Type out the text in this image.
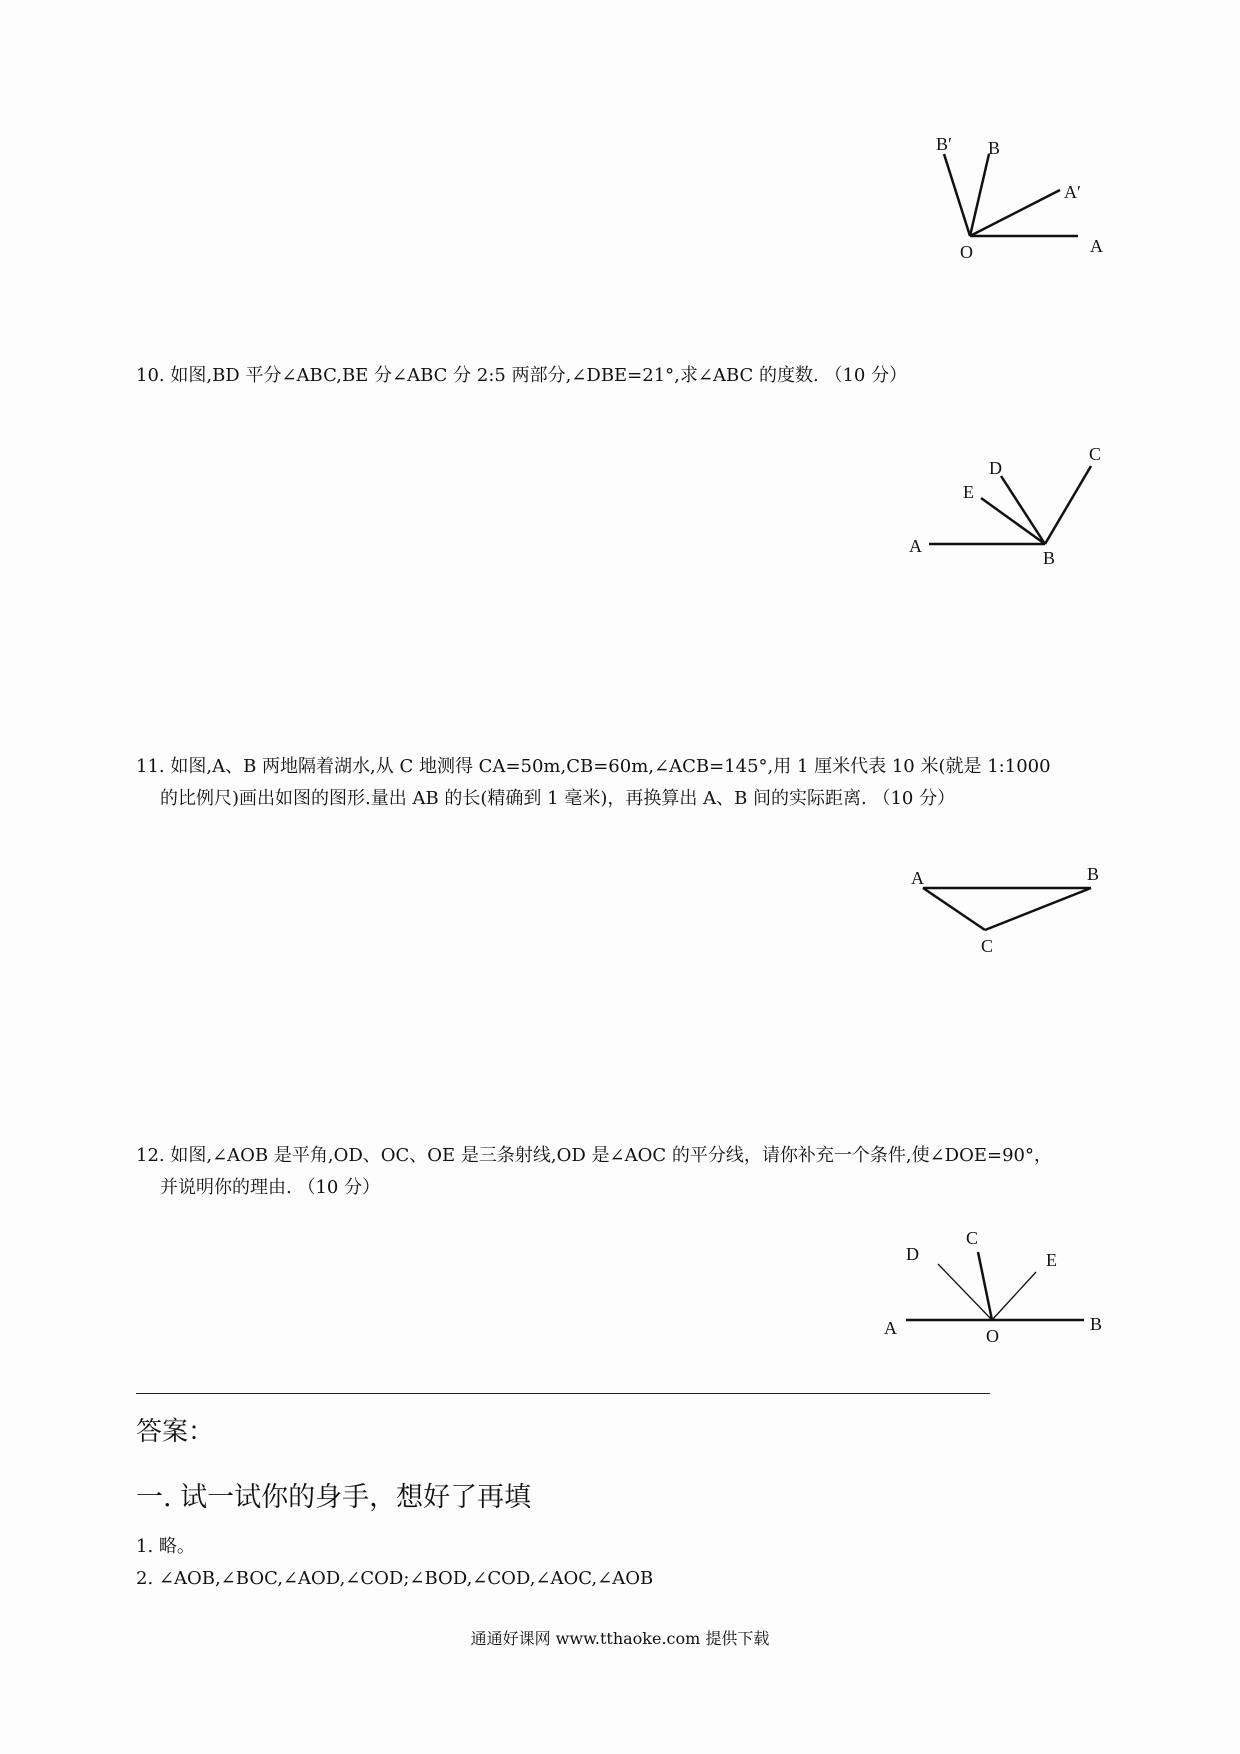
B′ B
A′
O	A
10. 如图,BD 平分∠ABC,BE 分∠ABC 分 2:5 两部分,∠DBE=21°,求∠ABC 的度数. （10 分）
D
C
E
A
B
11. 如图,A、B 两地隔着湖水,从 C 地测得 CA=50m,CB=60m,∠ACB=145°,用 1 厘米代表 10 米(就是 1:1000
的比例尺)画出如图的图形.量出 AB 的长(精确到 1 毫米)，再换算出 A、B 间的实际距离. （10 分）
A	B
C
12. 如图,∠AOB 是平角,OD、OC、OE 是三条射线,OD 是∠AOC 的平分线，请你补充一个条件,使∠DOE=90°，
并说明你的理由. （10 分）
C
D	E
A	O
B
答案：
一. 试一试你的身手，想好了再填
1. 略。
2. ∠AOB,∠BOC,∠AOD,∠COD;∠BOD,∠COD,∠AOC,∠AOB
通通好课网 www.tthaoke.com 提供下载
